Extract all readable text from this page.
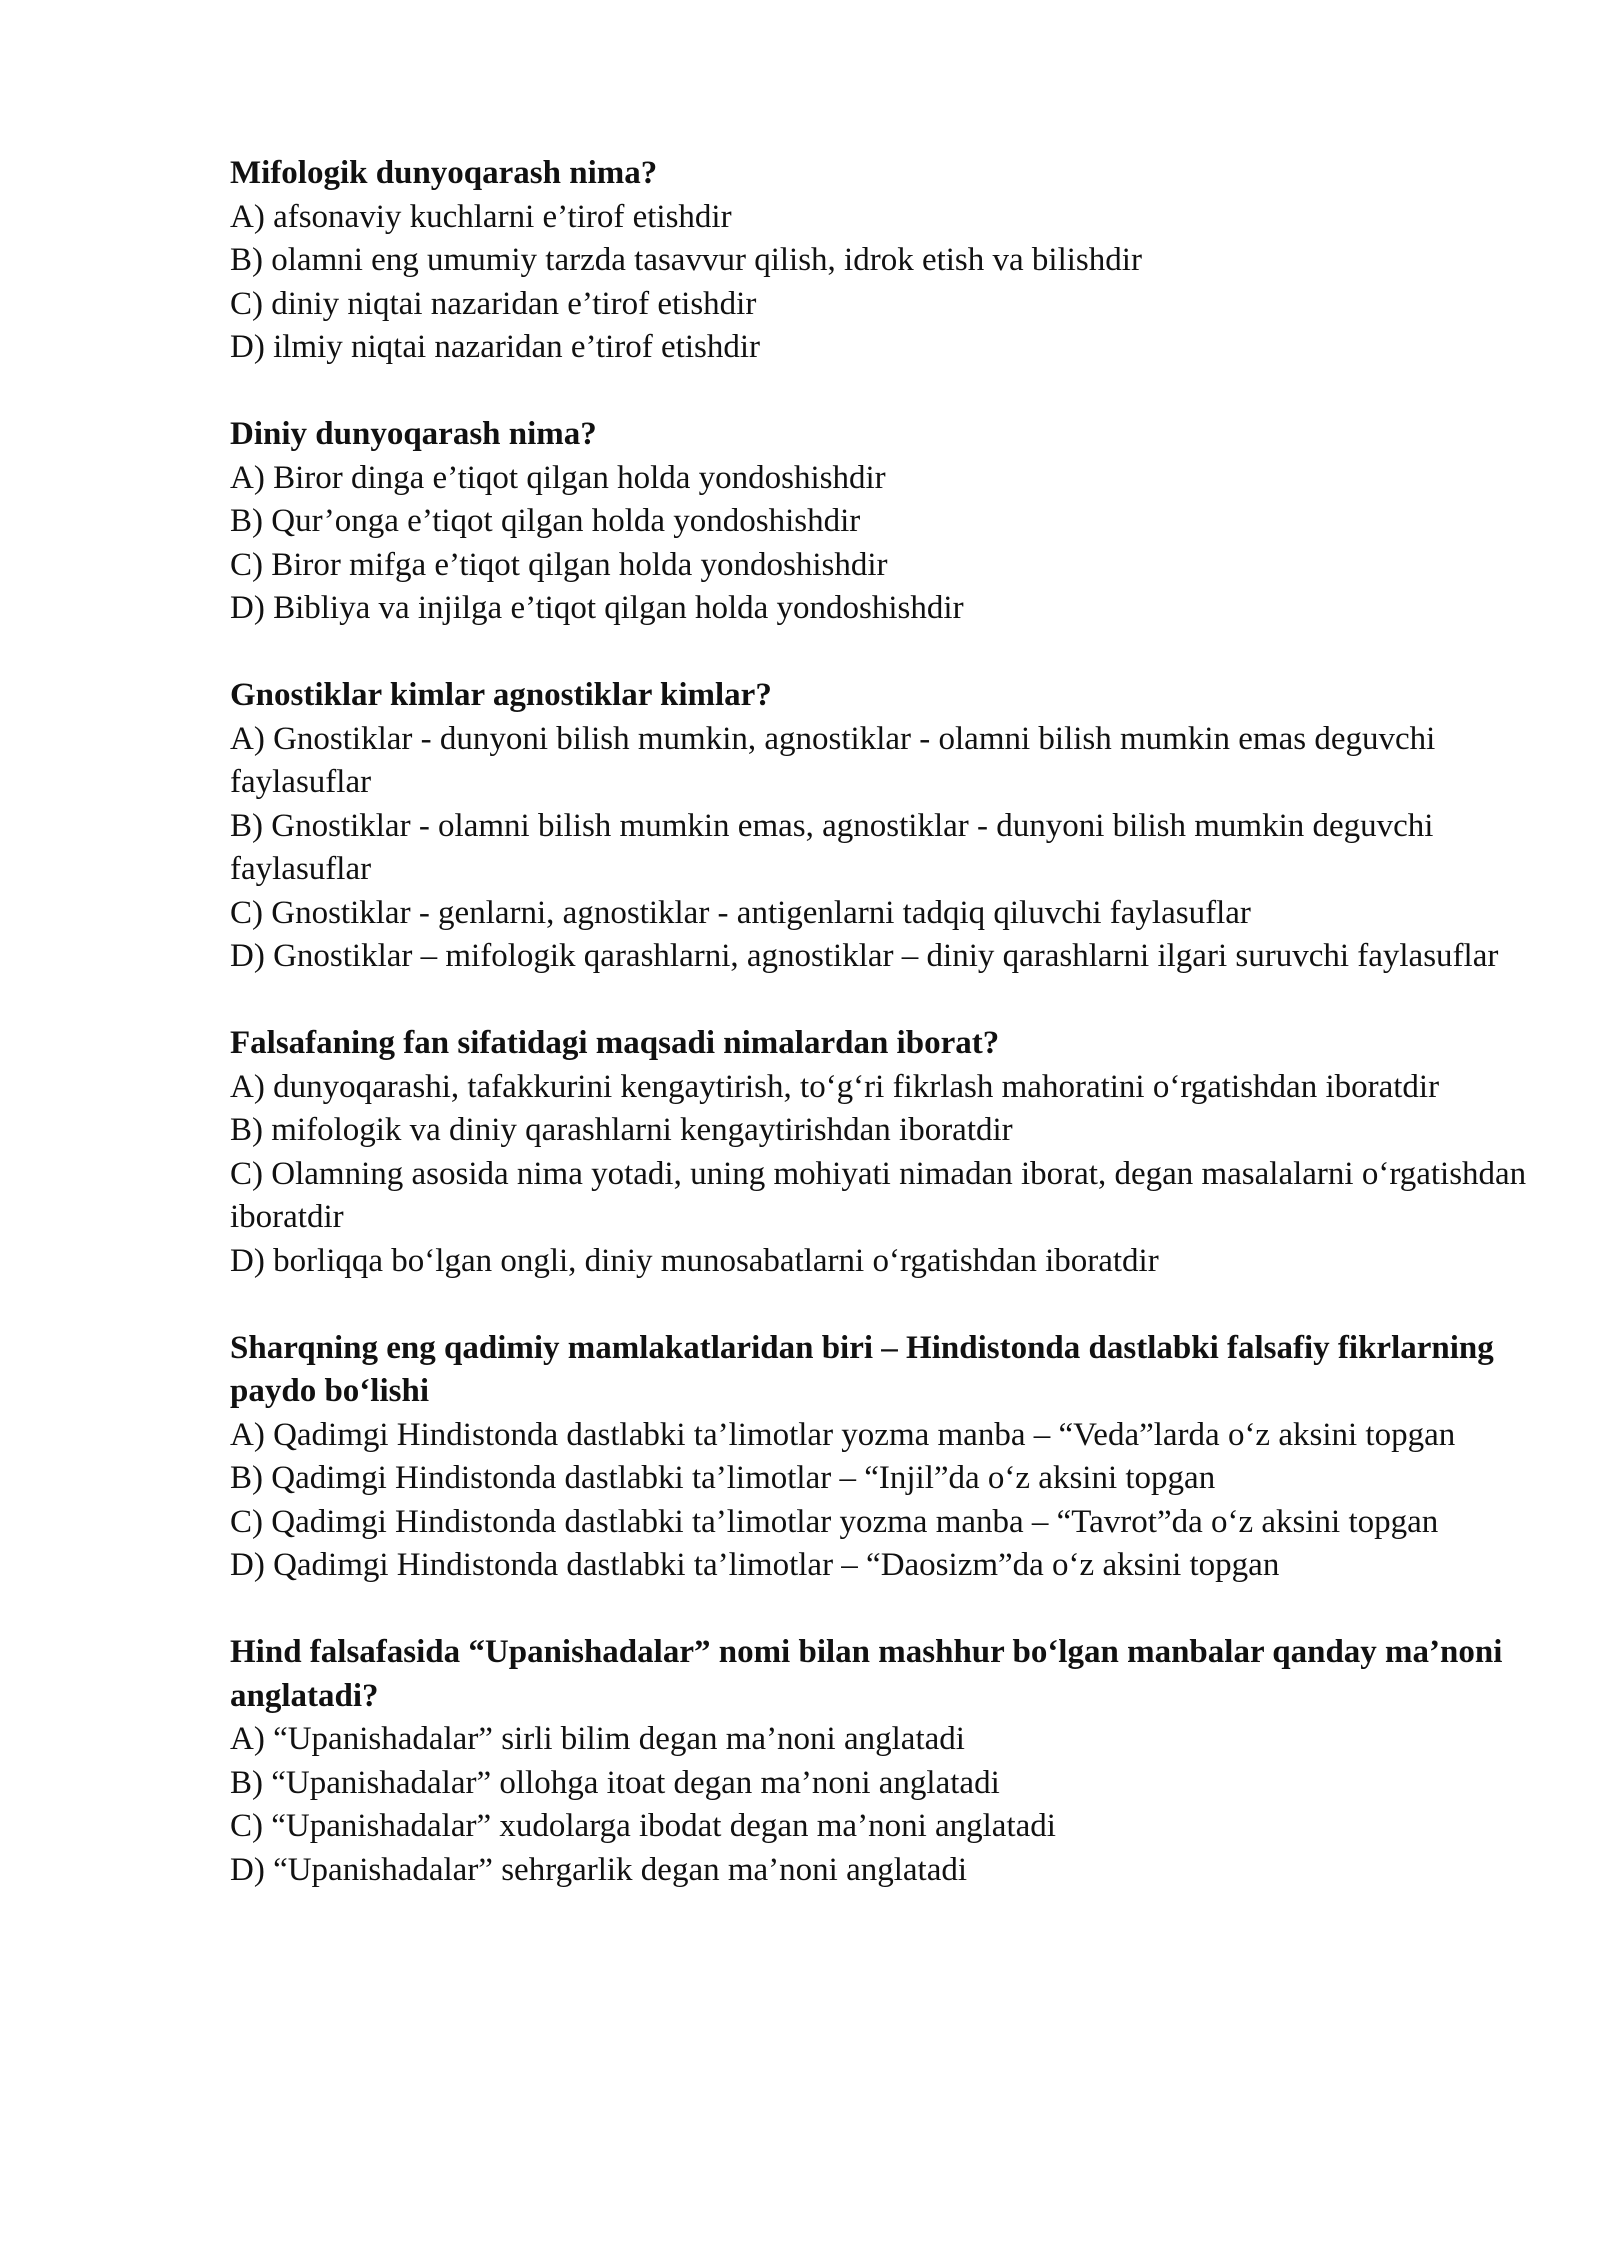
Mifologik dunyoqarash nima?

A) afsonaviy kuchlarni e’tirof etishdir

B) olamni eng umumiy tarzda tasavvur qilish, idrok etish va bilishdir

C) diniy niqtai nazaridan e’tirof etishdir

D) ilmiy niqtai nazaridan e’tirof etishdir

Diniy dunyoqarash nima?

A) Biror dinga e’tiqot qilgan holda yondoshishdir

B) Qur’onga e’tiqot qilgan holda yondoshishdir

C) Biror mifga e’tiqot qilgan holda yondoshishdir

D) Bibliya va injilga e’tiqot qilgan holda yondoshishdir

Gnostiklar kimlar agnostiklar kimlar?

A) Gnostiklar - dunyoni bilish mumkin, agnostiklar - olamni bilish mumkin emas deguvchi faylasuflar

B) Gnostiklar - olamni bilish mumkin emas, agnostiklar - dunyoni bilish mumkin deguvchi faylasuflar

C) Gnostiklar - genlarni, agnostiklar - antigenlarni tadqiq qiluvchi faylasuflar

D) Gnostiklar – mifologik qarashlarni, agnostiklar – diniy qarashlarni ilgari suruvchi faylasuflar

Falsafaning fan sifatidagi maqsadi nimalardan iborat?

A) dunyoqarashi, tafakkurini kengaytirish, to‘g‘ri fikrlash mahoratini o‘rgatishdan iboratdir

B) mifologik va diniy qarashlarni kengaytirishdan iboratdir

C) Olamning asosida nima yotadi, uning mohiyati nimadan iborat, degan masalalarni o‘rgatishdan iboratdir

D) borliqqa bo‘lgan ongli, diniy munosabatlarni o‘rgatishdan iboratdir

Sharqning eng qadimiy mamlakatlaridan biri – Hindistonda dastlabki falsafiy fikrlarning paydo bo‘lishi

A) Qadimgi Hindistonda dastlabki ta’limotlar yozma manba – “Veda”larda o‘z aksini topgan

B) Qadimgi Hindistonda dastlabki ta’limotlar – “Injil”da o‘z aksini topgan

C) Qadimgi Hindistonda dastlabki ta’limotlar yozma manba – “Tavrot”da o‘z aksini topgan

D) Qadimgi Hindistonda dastlabki ta’limotlar – “Daosizm”da o‘z aksini topgan

Hind falsafasida “Upanishadalar” nomi bilan mashhur bo‘lgan manbalar qanday ma’noni anglatadi?

A) “Upanishadalar” sirli bilim degan ma’noni anglatadi

B) “Upanishadalar” ollohga itoat degan ma’noni anglatadi

C) “Upanishadalar” xudolarga ibodat degan ma’noni anglatadi

D) “Upanishadalar” sehrgarlik degan ma’noni anglatadi
